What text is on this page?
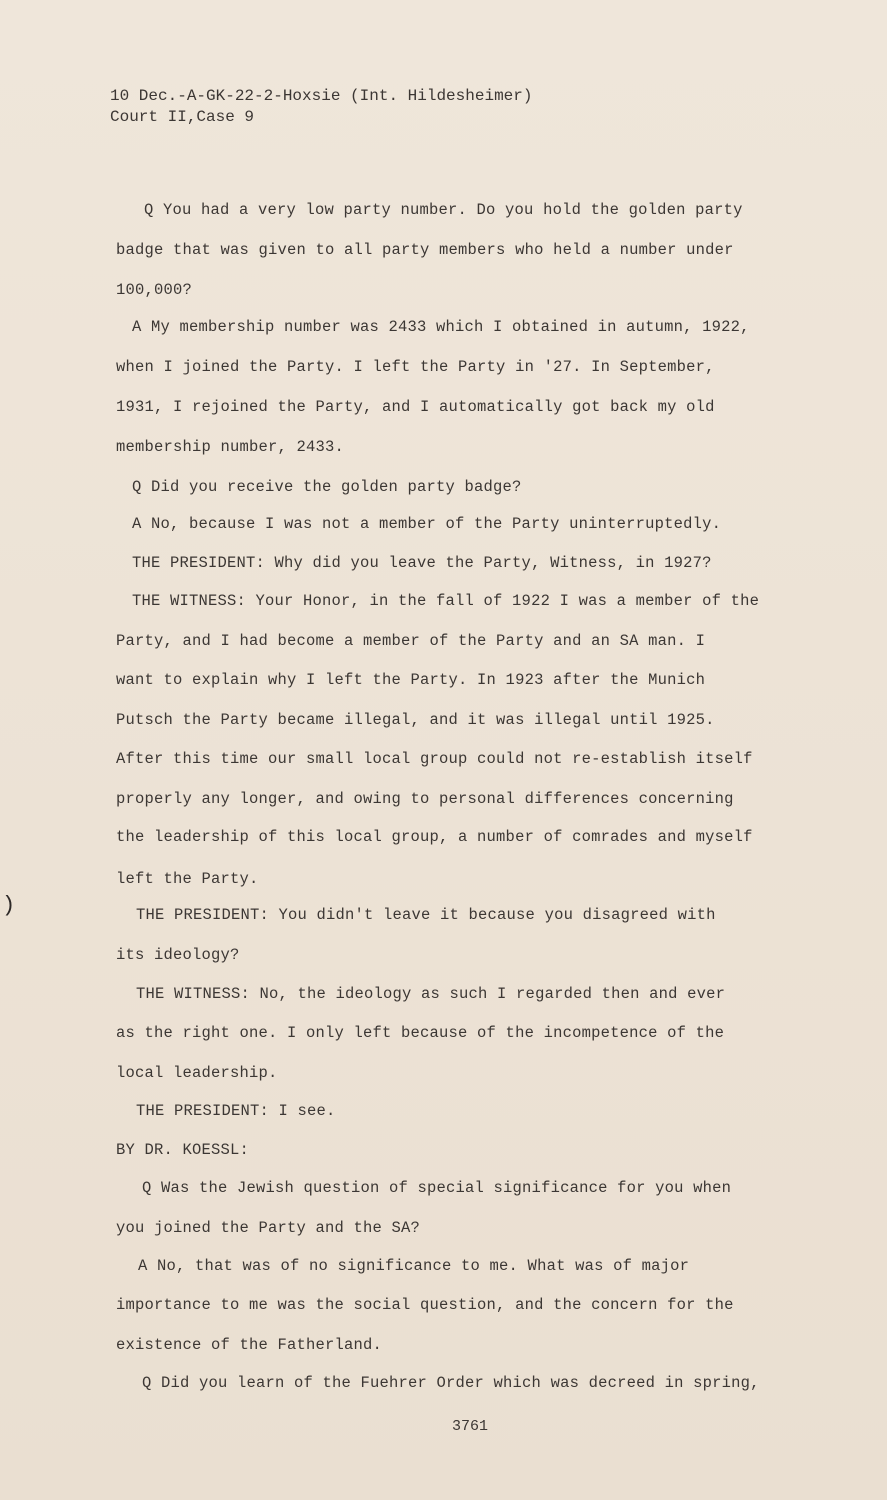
10 Dec.-A-GK-22-2-Hoxsie (Int. Hildesheimer)
Court II,Case 9
Q You had a very low party number. Do you hold the golden party
badge that was given to all party members who held a number under
100,000?
A My membership number was 2433 which I obtained in autumn, 1922,
when I joined the Party. I left the Party in '27. In September,
1931, I rejoined the Party, and I automatically got back my old
membership number, 2433.
Q Did you receive the golden party badge?
A No, because I was not a member of the Party uninterruptedly.
THE PRESIDENT: Why did you leave the Party, Witness, in 1927?
THE WITNESS: Your Honor, in the fall of 1922 I was a member of the
Party, and I had become a member of the Party and an SA man. I
want to explain why I left the Party. In 1923 after the Munich
Putsch the Party became illegal, and it was illegal until 1925.
After this time our small local group could not re-establish itself
properly any longer, and owing to personal differences concerning
the leadership of this local group, a number of comrades and myself
left the Party.
THE PRESIDENT: You didn't leave it because you disagreed with
its ideology?
THE WITNESS: No, the ideology as such I regarded then and ever
as the right one. I only left because of the incompetence of the
local leadership.
THE PRESIDENT: I see.
BY DR. KOESSL:
Q Was the Jewish question of special significance for you when
you joined the Party and the SA?
A No, that was of no significance to me. What was of major
importance to me was the social question, and the concern for the
existence of the Fatherland.
Q Did you learn of the Fuehrer Order which was decreed in spring,
3761
)
